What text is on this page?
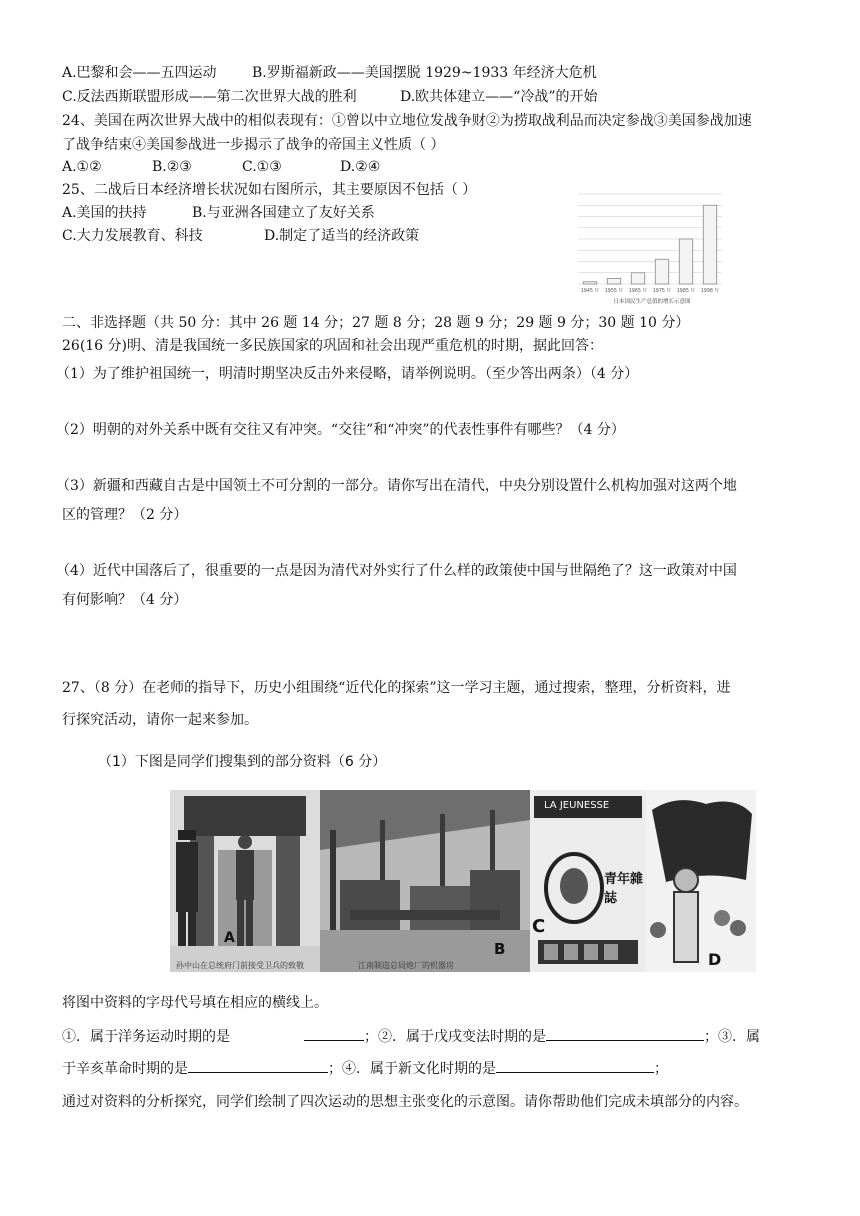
A.巴黎和会——五四运动	B.罗斯福新政——美国摆脱 1929~1933 年经济大危机
C.反法西斯联盟形成——第二次世界大战的胜利	D.欧共体建立——“冷战”的开始
24、美国在两次世界大战中的相似表现有：①曾以中立地位发战争财②为捞取战利品而决定参战③美国参战加速
了战争结束④美国参战进一步揭示了战争的帝国主义性质（ ）
A.①②	B.②③	C.①③	D.②④
25、二战后日本经济增长状况如右图所示，其主要原因不包括（ ）
A.美国的扶持	B.与亚洲各国建立了友好关系
C.大力发展教育、科技	D.制定了适当的经济政策
1945 年 1955 年 1965 年 1975 年 1985 年 1998 年
日本国民生产总值的增长示意图
二、非选择题（共 50 分：其中 26 题 14 分；27 题 8 分；28 题 9 分；29 题 9 分；30 题 10 分）
26(16 分)明、清是我国统一多民族国家的巩固和社会出现严重危机的时期，据此回答：
（1）为了维护祖国统一，明清时期坚决反击外来侵略，请举例说明。（至少答出两条）（4 分）
（2）明朝的对外关系中既有交往又有冲突。“交往”和“冲突”的代表性事件有哪些？（4 分）
（3）新疆和西藏自古是中国领土不可分割的一部分。请你写出在清代，中央分别设置什么机构加强对这两个地
区的管理？（2 分）
（4）近代中国落后了，很重要的一点是因为清代对外实行了什么样的政策使中国与世隔绝了？这一政策对中国
有何影响？（4 分）
27、（8 分）在老师的指导下，历史小组围绕“近代化的探索”这一学习主题，通过搜索，整理，分析资料，进
行探究活动，请你一起来参加。
（1）下图是同学们搜集到的部分资料（6 分）
A
孙中山在总统府门前接受卫兵的致敬
B
江南制造总局炮厂的机器房
LA JEUNESSE
青年雜誌
C
D
将图中资料的字母代号填在相应的横线上。
①．属于洋务运动时期的是	；②．属于戊戌变法时期的是	；③．属
于辛亥革命时期的是	；④．属于新文化时期的是	；
通过对资料的分析探究，同学们绘制了四次运动的思想主张变化的示意图。请你帮助他们完成未填部分的内容。
